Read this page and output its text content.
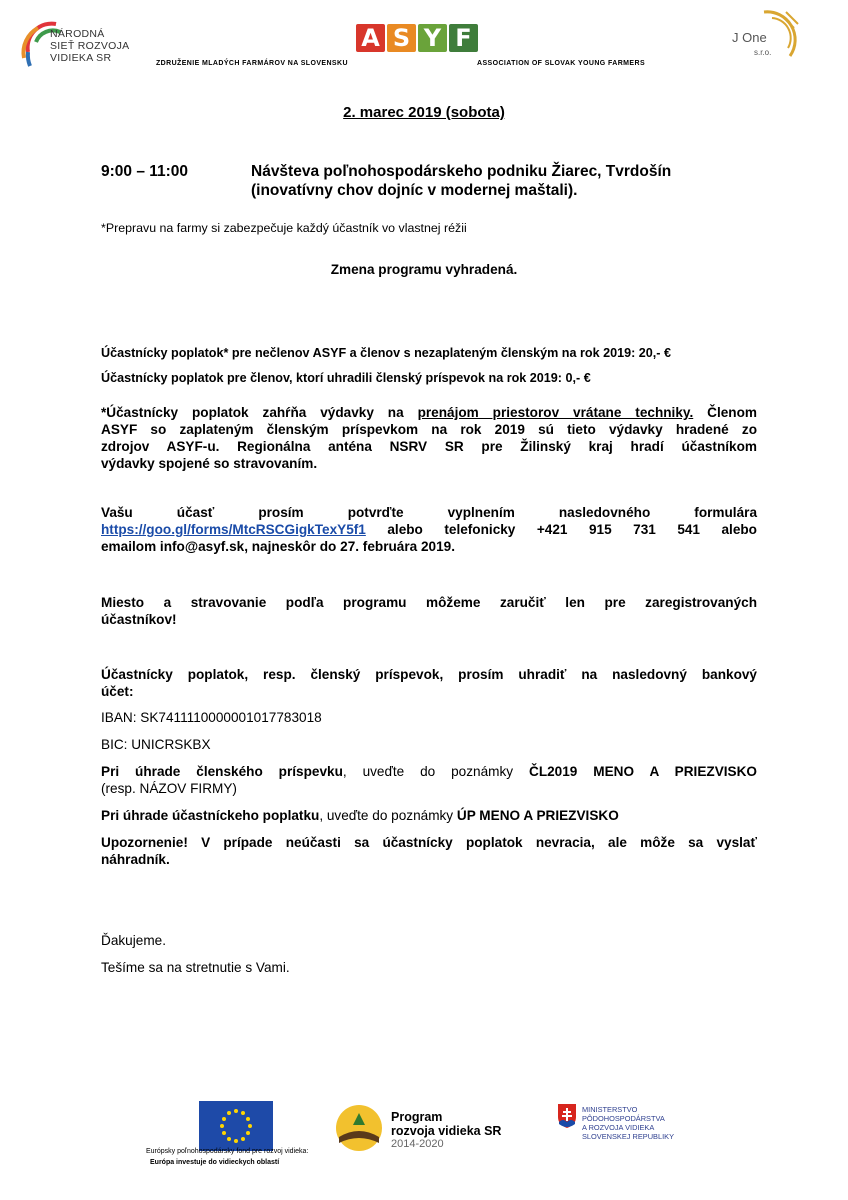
NÁRODNÁ
SIEŤ ROZVOJA
VIDIEKA SR
A S Y F
ZDRUŽENIE MLADÝCH FARMÁROV NA SLOVENSKU	ASSOCIATION OF SLOVAK YOUNG FARMERS
J One
s.r.o.
2. marec 2019 (sobota)
9:00 – 11:00	Návšteva poľnohospodárskeho podniku Žiarec, Tvrdošín
(inovatívny chov dojníc v modernej maštali).
*Prepravu na farmy si zabezpečuje každý účastník vo vlastnej réžii
Zmena programu vyhradená.
Účastnícky poplatok* pre nečlenov ASYF a členov s nezaplateným členským na rok 2019: 20,- €
Účastnícky poplatok pre členov, ktorí uhradili členský príspevok na rok 2019: 0,- €
*Účastnícky poplatok zahŕňa výdavky na prenájom priestorov vrátane techniky. Členom
ASYF so zaplateným členským príspevkom na rok 2019 sú tieto výdavky hradené zo
zdrojov ASYF-u. Regionálna anténa NSRV SR pre Žilinský kraj hradí účastníkom
výdavky spojené so stravovaním.
Vašu účasť prosím potvrďte vyplnením nasledovného formulára
https://goo.gl/forms/MtcRSCGigkTexY5f1 alebo telefonicky +421 915 731 541 alebo
emailom info@asyf.sk, najneskôr do 27. februára 2019.
Miesto a stravovanie podľa programu môžeme zaručiť len pre zaregistrovaných
účastníkov!
Účastnícky poplatok, resp. členský príspevok, prosím uhradiť na nasledovný bankový
účet:
IBAN: SK7411110000001017783018
BIC: UNICRSKBX
Pri úhrade členského príspevku, uveďte do poznámky ČL2019 MENO A PRIEZVISKO
(resp. NÁZOV FIRMY)
Pri úhrade účastníckeho poplatku, uveďte do poznámky ÚP MENO A PRIEZVISKO
Upozornenie! V prípade neúčasti sa účastnícky poplatok nevracia, ale môže sa vyslať
náhradník.
Ďakujeme.
Tešíme sa na stretnutie s Vami.
Európsky poľnohospodársky fond pre rozvoj vidieka:
Európa investuje do vidieckych oblastí
Program
rozvoja vidieka SR
2014-2020
MINISTERSTVO
PÔDOHOSPODÁRSTVA
A ROZVOJA VIDIEKA
SLOVENSKEJ REPUBLIKY
